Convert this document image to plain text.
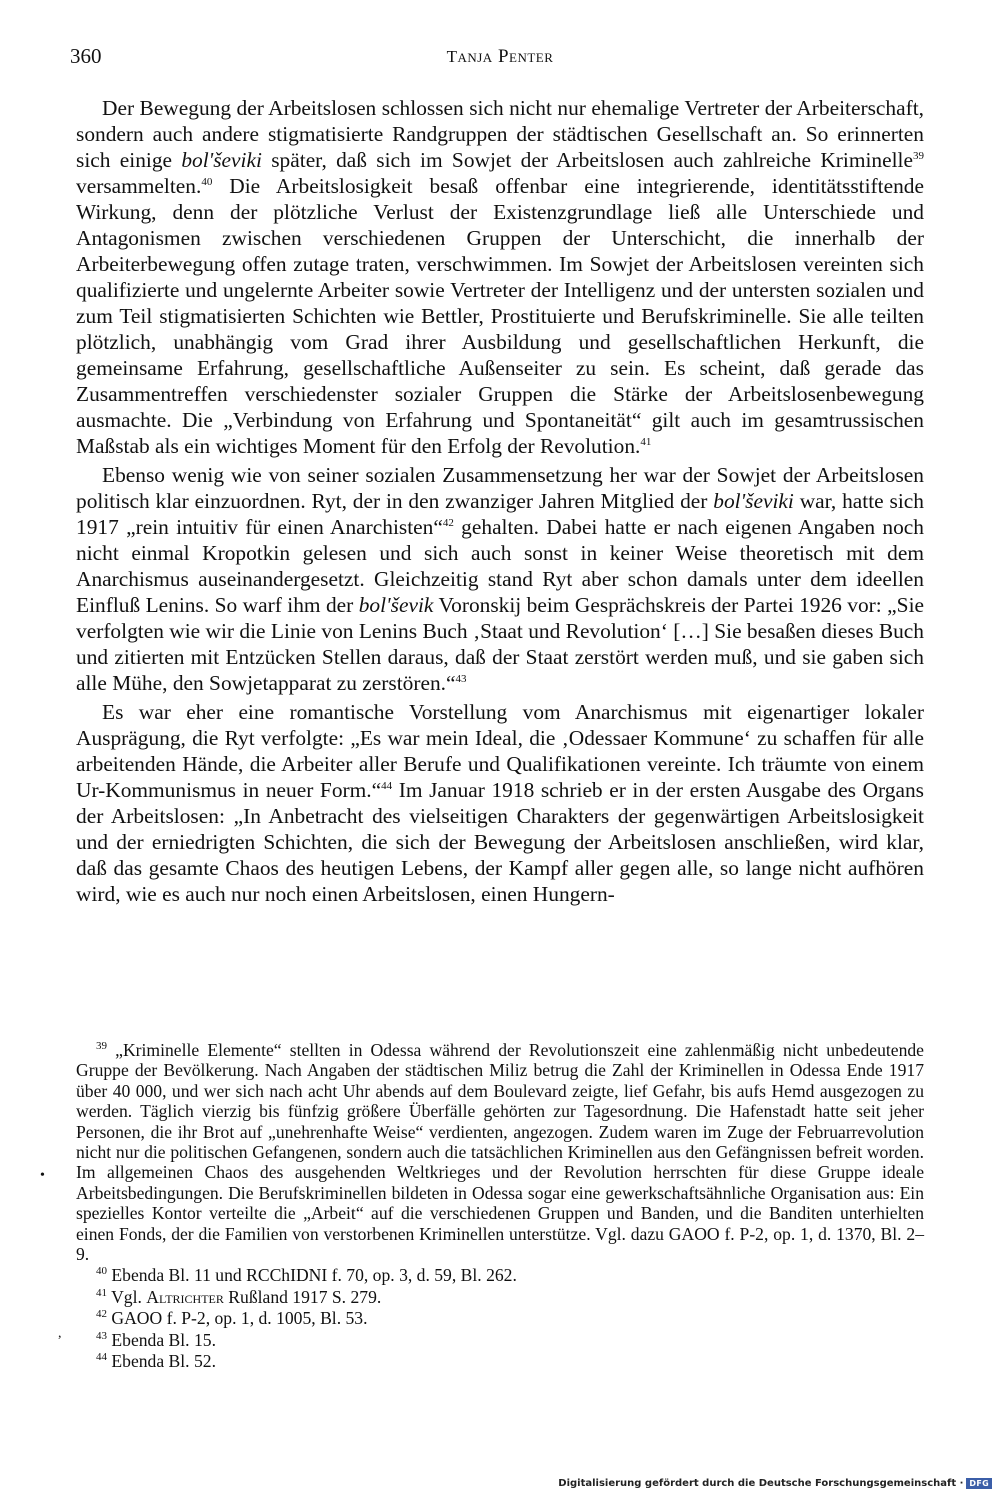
360	Tanja Penter

Der Bewegung der Arbeitslosen schlossen sich nicht nur ehemalige Vertreter der Arbeiterschaft, sondern auch andere stigmatisierte Randgruppen der städtischen Gesellschaft an. So erinnerten sich einige bol'ševiki später, daß sich im Sowjet der Arbeitslosen auch zahlreiche Kriminelle$^{39}$ versammelten.$^{40}$ Die Arbeitslosigkeit besaß offenbar eine integrierende, identitätsstiftende Wirkung, denn der plötzliche Verlust der Existenzgrundlage ließ alle Unterschiede und Antagonismen zwischen verschiedenen Gruppen der Unterschicht, die innerhalb der Arbeiterbewegung offen zutage traten, verschwimmen. Im Sowjet der Arbeitslosen vereinten sich qualifizierte und ungelernte Arbeiter sowie Vertreter der Intelligenz und der untersten sozialen und zum Teil stigmatisierten Schichten wie Bettler, Prostituierte und Berufskriminelle. Sie alle teilten plötzlich, unabhängig vom Grad ihrer Ausbildung und gesellschaftlichen Herkunft, die gemeinsame Erfahrung, gesellschaftliche Außenseiter zu sein. Es scheint, daß gerade das Zusammentreffen verschiedenster sozialer Gruppen die Stärke der Arbeitslosenbewegung ausmachte. Die „Verbindung von Erfahrung und Spontaneität“ gilt auch im gesamtrussischen Maßstab als ein wichtiges Moment für den Erfolg der Revolution.$^{41}$

Ebenso wenig wie von seiner sozialen Zusammensetzung her war der Sowjet der Arbeitslosen politisch klar einzuordnen. Ryt, der in den zwanziger Jahren Mitglied der bol'ševiki war, hatte sich 1917 „rein intuitiv für einen Anarchisten“$^{42}$ gehalten. Dabei hatte er nach eigenen Angaben noch nicht einmal Kropotkin gelesen und sich auch sonst in keiner Weise theoretisch mit dem Anarchismus auseinandergesetzt. Gleichzeitig stand Ryt aber schon damals unter dem ideellen Einfluß Lenins. So warf ihm der bol'ševik Voronskij beim Gesprächskreis der Partei 1926 vor: „Sie verfolgten wie wir die Linie von Lenins Buch ‚Staat und Revolution‘ […] Sie besaßen dieses Buch und zitierten mit Entzücken Stellen daraus, daß der Staat zerstört werden muß, und sie gaben sich alle Mühe, den Sowjetapparat zu zerstören.“$^{43}$

Es war eher eine romantische Vorstellung vom Anarchismus mit eigenartiger lokaler Ausprägung, die Ryt verfolgte: „Es war mein Ideal, die ‚Odessaer Kommune‘ zu schaffen für alle arbeitenden Hände, die Arbeiter aller Berufe und Qualifikationen vereinte. Ich träumte von einem Ur-Kommunismus in neuer Form.“$^{44}$ Im Januar 1918 schrieb er in der ersten Ausgabe des Organs der Arbeitslosen: „In Anbetracht des vielseitigen Charakters der gegenwärtigen Arbeitslosigkeit und der erniedrigten Schichten, die sich der Bewegung der Arbeitslosen anschließen, wird klar, daß das gesamte Chaos des heutigen Lebens, der Kampf aller gegen alle, so lange nicht aufhören wird, wie es auch nur noch einen Arbeitslosen, einen Hungern-

•
,

$^{39}$ „Kriminelle Elemente“ stellten in Odessa während der Revolutionszeit eine zahlenmäßig nicht unbedeutende Gruppe der Bevölkerung. Nach Angaben der städtischen Miliz betrug die Zahl der Kriminellen in Odessa Ende 1917 über 40 000, und wer sich nach acht Uhr abends auf dem Boulevard zeigte, lief Gefahr, bis aufs Hemd ausgezogen zu werden. Täglich vierzig bis fünfzig größere Überfälle gehörten zur Tagesordnung. Die Hafenstadt hatte seit jeher Personen, die ihr Brot auf „unehrenhafte Weise“ verdienten, angezogen. Zudem waren im Zuge der Februarrevolution nicht nur die politischen Gefangenen, sondern auch die tatsächlichen Kriminellen aus den Gefängnissen befreit worden. Im allgemeinen Chaos des ausgehenden Weltkrieges und der Revolution herrschten für diese Gruppe ideale Arbeitsbedingungen. Die Berufskriminellen bildeten in Odessa sogar eine gewerkschaftsähnliche Organisation aus: Ein spezielles Kontor verteilte die „Arbeit“ auf die verschiedenen Gruppen und Banden, und die Banditen unterhielten einen Fonds, der die Familien von verstorbenen Kriminellen unterstütze. Vgl. dazu GAOO f. P-2, op. 1, d. 1370, Bl. 2–9.

$^{40}$ Ebenda Bl. 11 und RCChIDNI f. 70, op. 3, d. 59, Bl. 262.

$^{41}$ Vgl. Altrichter Rußland 1917 S. 279.

$^{42}$ GAOO f. P-2, op. 1, d. 1005, Bl. 53.

$^{43}$ Ebenda Bl. 15.

$^{44}$ Ebenda Bl. 52.

Digitalisierung gefördert durch die Deutsche Forschungsgemeinschaft · DFG
